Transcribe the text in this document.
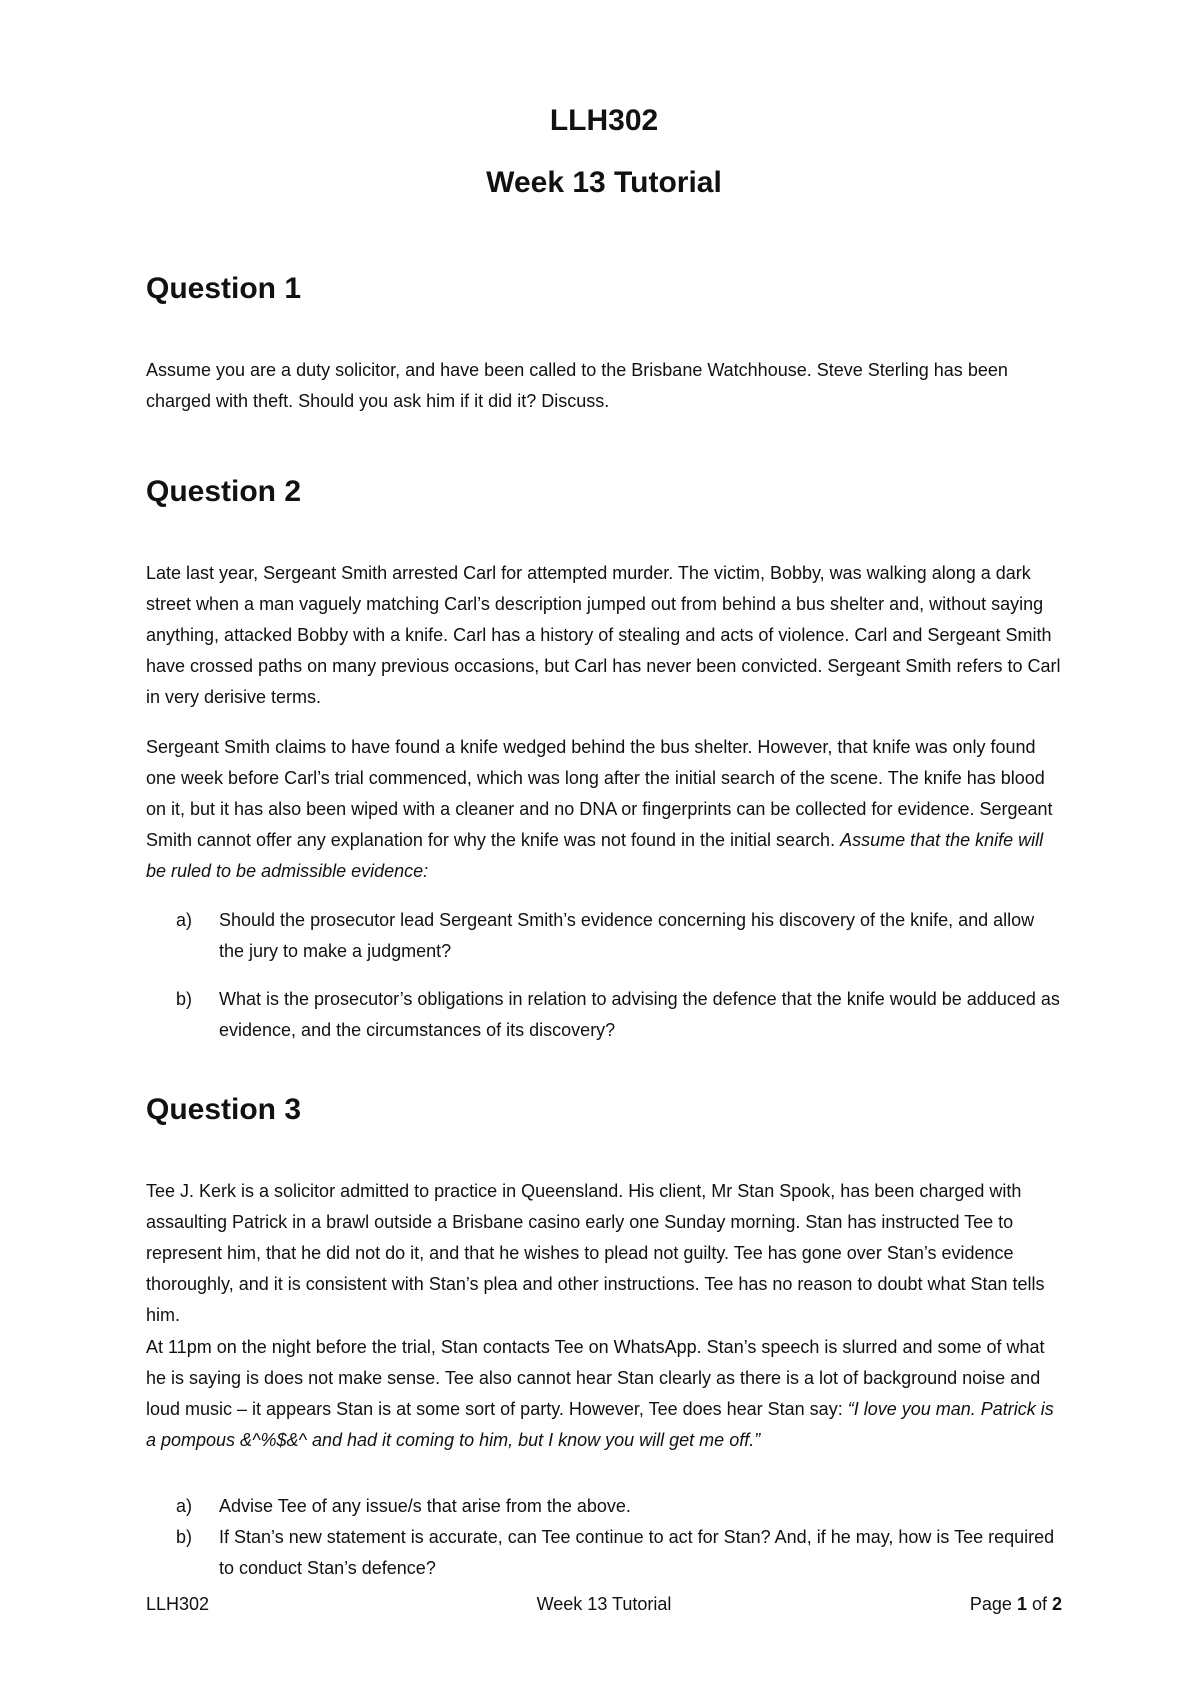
LLH302
Week 13 Tutorial
Question 1

Assume you are a duty solicitor, and have been called to the Brisbane Watchhouse. Steve Sterling has been charged with theft. Should you ask him if it did it? Discuss.

Question 2

Late last year, Sergeant Smith arrested Carl for attempted murder. The victim, Bobby, was walking along a dark street when a man vaguely matching Carl’s description jumped out from behind a bus shelter and, without saying anything, attacked Bobby with a knife. Carl has a history of stealing and acts of violence. Carl and Sergeant Smith have crossed paths on many previous occasions, but Carl has never been convicted. Sergeant Smith refers to Carl in very derisive terms.

Sergeant Smith claims to have found a knife wedged behind the bus shelter. However, that knife was only found one week before Carl’s trial commenced, which was long after the initial search of the scene. The knife has blood on it, but it has also been wiped with a cleaner and no DNA or fingerprints can be collected for evidence. Sergeant Smith cannot offer any explanation for why the knife was not found in the initial search. Assume that the knife will be ruled to be admissible evidence:

a) Should the prosecutor lead Sergeant Smith’s evidence concerning his discovery of the knife, and allow the jury to make a judgment?
b) What is the prosecutor’s obligations in relation to advising the defence that the knife would be adduced as evidence, and the circumstances of its discovery?
Question 3

Tee J. Kerk is a solicitor admitted to practice in Queensland. His client, Mr Stan Spook, has been charged with assaulting Patrick in a brawl outside a Brisbane casino early one Sunday morning. Stan has instructed Tee to represent him, that he did not do it, and that he wishes to plead not guilty. Tee has gone over Stan’s evidence thoroughly, and it is consistent with Stan’s plea and other instructions. Tee has no reason to doubt what Stan tells him.

At 11pm on the night before the trial, Stan contacts Tee on WhatsApp. Stan’s speech is slurred and some of what he is saying is does not make sense. Tee also cannot hear Stan clearly as there is a lot of background noise and loud music – it appears Stan is at some sort of party. However, Tee does hear Stan say: “I love you man. Patrick is a pompous &^%$&^ and had it coming to him, but I know you will get me off.”

a) Advise Tee of any issue/s that arise from the above.
b) If Stan’s new statement is accurate, can Tee continue to act for Stan? And, if he may, how is Tee required to conduct Stan’s defence?
LLH302	Week 13 Tutorial	Page 1 of 2
